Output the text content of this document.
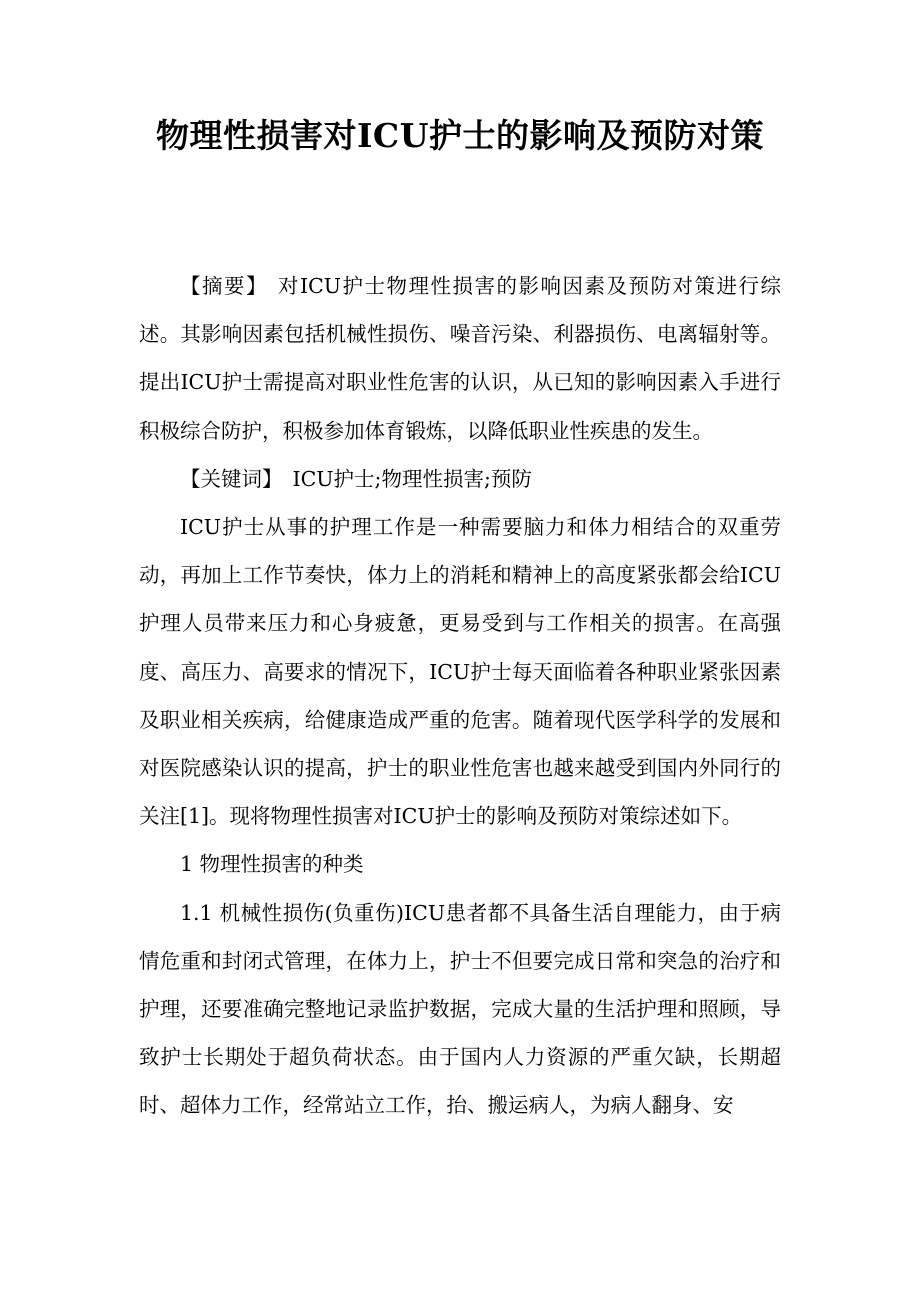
物理性损害对ICU护士的影响及预防对策

【摘要】 对ICU护士物理性损害的影响因素及预防对策进行综述。其影响因素包括机械性损伤、噪音污染、利器损伤、电离辐射等。提出ICU护士需提高对职业性危害的认识，从已知的影响因素入手进行积极综合防护，积极参加体育锻炼，以降低职业性疾患的发生。

【关键词】 ICU护士;物理性损害;预防

ICU护士从事的护理工作是一种需要脑力和体力相结合的双重劳动，再加上工作节奏快，体力上的消耗和精神上的高度紧张都会给ICU护理人员带来压力和心身疲惫，更易受到与工作相关的损害。在高强度、高压力、高要求的情况下，ICU护士每天面临着各种职业紧张因素及职业相关疾病，给健康造成严重的危害。随着现代医学科学的发展和对医院感染认识的提高，护士的职业性危害也越来越受到国内外同行的关注[1]。现将物理性损害对ICU护士的影响及预防对策综述如下。

1 物理性损害的种类

1.1 机械性损伤(负重伤)ICU患者都不具备生活自理能力，由于病情危重和封闭式管理，在体力上，护士不但要完成日常和突急的治疗和护理，还要准确完整地记录监护数据，完成大量的生活护理和照顾，导致护士长期处于超负荷状态。由于国内人力资源的严重欠缺，长期超时、超体力工作，经常站立工作，抬、搬运病人，为病人翻身、安
